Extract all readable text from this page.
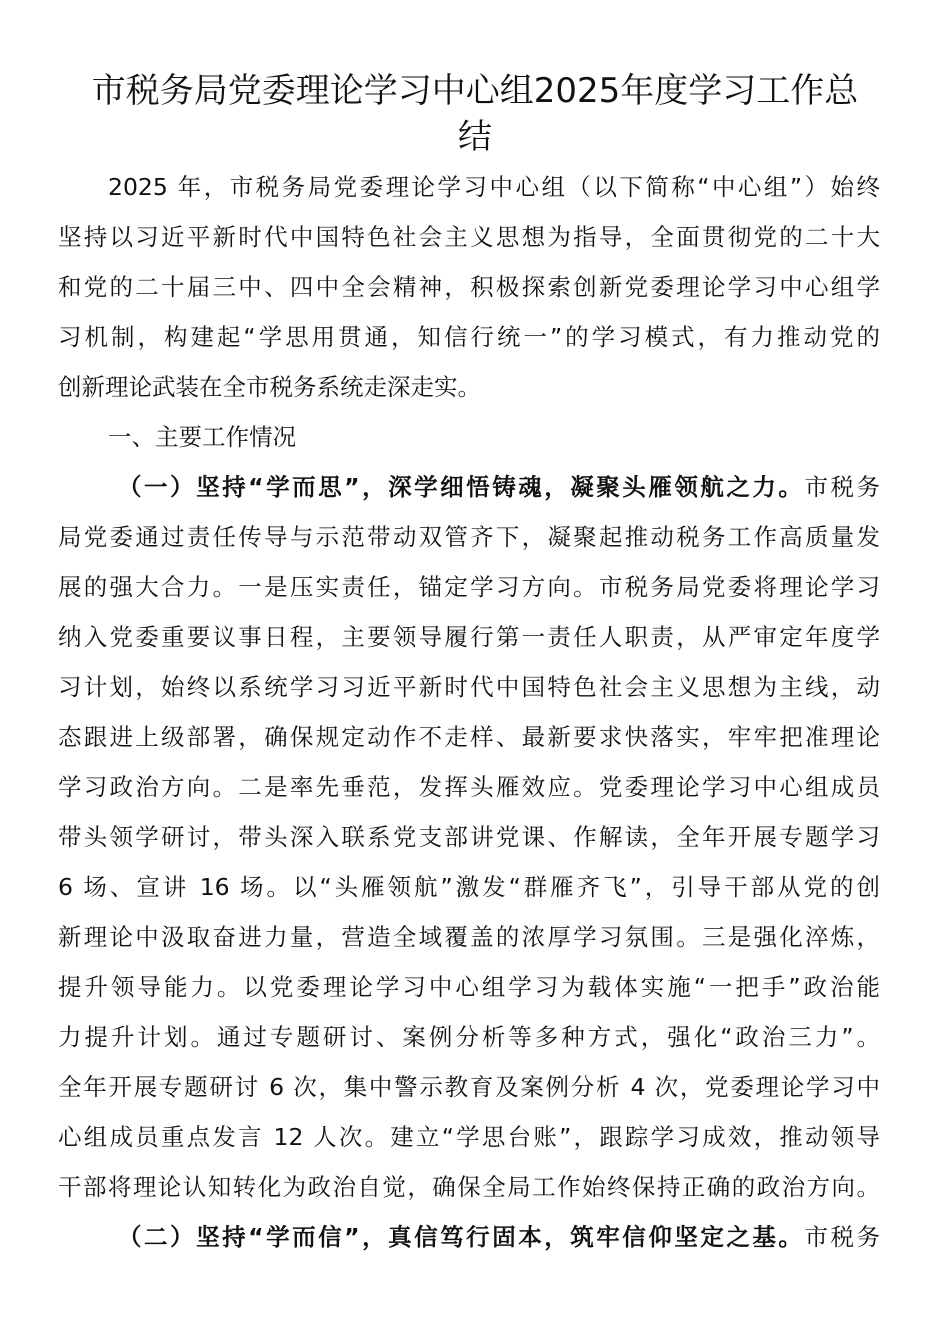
市税务局党委理论学习中心组2025年度学习工作总
结
2025 年，市税务局党委理论学习中心组（以下简称“中心组”）始终
坚持以习近平新时代中国特色社会主义思想为指导，全面贯彻党的二十大
和党的二十届三中、四中全会精神，积极探索创新党委理论学习中心组学
习机制，构建起“学思用贯通，知信行统一”的学习模式，有力推动党的
创新理论武装在全市税务系统走深走实。
一、主要工作情况
（一）坚持“学而思”，深学细悟铸魂，凝聚头雁领航之力。市税务
局党委通过责任传导与示范带动双管齐下，凝聚起推动税务工作高质量发
展的强大合力。一是压实责任，锚定学习方向。市税务局党委将理论学习
纳入党委重要议事日程，主要领导履行第一责任人职责，从严审定年度学
习计划，始终以系统学习习近平新时代中国特色社会主义思想为主线，动
态跟进上级部署，确保规定动作不走样、最新要求快落实，牢牢把准理论
学习政治方向。二是率先垂范，发挥头雁效应。党委理论学习中心组成员
带头领学研讨，带头深入联系党支部讲党课、作解读，全年开展专题学习
6 场、宣讲 16 场。以“头雁领航”激发“群雁齐飞”，引导干部从党的创
新理论中汲取奋进力量，营造全域覆盖的浓厚学习氛围。三是强化淬炼，
提升领导能力。以党委理论学习中心组学习为载体实施“一把手”政治能
力提升计划。通过专题研讨、案例分析等多种方式，强化“政治三力”。
全年开展专题研讨 6 次，集中警示教育及案例分析 4 次，党委理论学习中
心组成员重点发言 12 人次。建立“学思台账”，跟踪学习成效，推动领导
干部将理论认知转化为政治自觉，确保全局工作始终保持正确的政治方向。
（二）坚持“学而信”，真信笃行固本，筑牢信仰坚定之基。市税务
